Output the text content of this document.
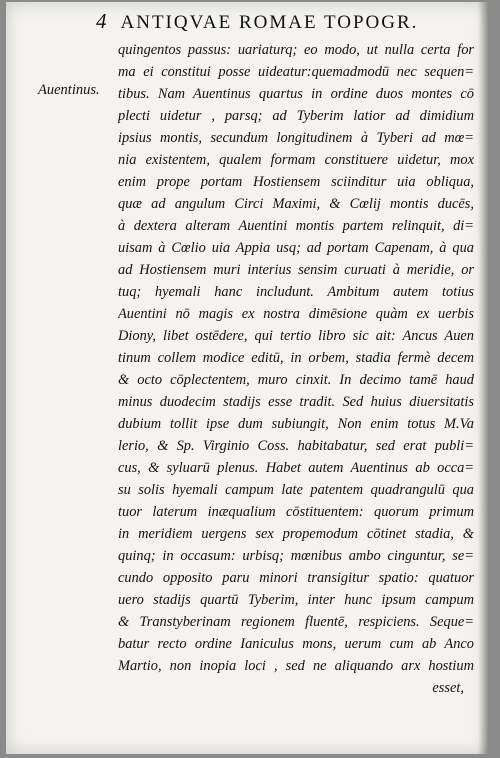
4 ANTIQVAE ROMAE TOPOGR.
Auentinus.
quingentos passus: uariaturq; eo modo, ut nulla certa for
ma ei constitui posse uideatur:quemadmodū nec sequen=
tibus. Nam Auentinus quartus in ordine duos montes cō
plecti uidetur , parsq; ad Tyberim latior ad dimidium
ipsius montis, secundum longitudinem à Tyberi ad mœ=
nia existentem, qualem formam constituere uidetur, mox
enim prope portam Hostiensem sciinditur uia obliqua,
quæ ad angulum Circi Maximi, & Cœlij montis ducēs,
à dextera alteram Auentini montis partem relinquit, di=
uisam à Cœlio uia Appia usq; ad portam Capenam, à qua
ad Hostiensem muri interius sensim curuati à meridie, or
tuq; hyemali hanc includunt. Ambitum autem totius
Auentini nō magis ex nostra dimēsione quàm ex uerbis
Diony, libet ostēdere, qui tertio libro sic ait: Ancus Auen
tinum collem modice editū, in orbem, stadia fermè decem
& octo cōplectentem, muro cinxit. In decimo tamē haud
minus duodecim stadijs esse tradit. Sed huius diuersitatis
dubium tollit ipse dum subiungit, Non enim totus M.Va
lerio, & Sp. Virginio Coss. habitabatur, sed erat publi=
cus, & syluarū plenus. Habet autem Auentinus ab occa=
su solis hyemali campum late patentem quadrangulū qua
tuor laterum inæqualium cōstituentem: quorum primum
in meridiem uergens sex propemodum cōtinet stadia, &
quinq; in occasum: urbisq; mœnibus ambo cinguntur, se=
cundo opposito paru minori transigitur spatio: quatuor
uero stadijs quartū Tyberim, inter hunc ipsum campum
& Transtyberinam regionem fluentē, respiciens. Seque=
batur recto ordine Ianiculus mons, uerum cum ab Anco
Martio, non inopia loci , sed ne aliquando arx hostium
esset,
